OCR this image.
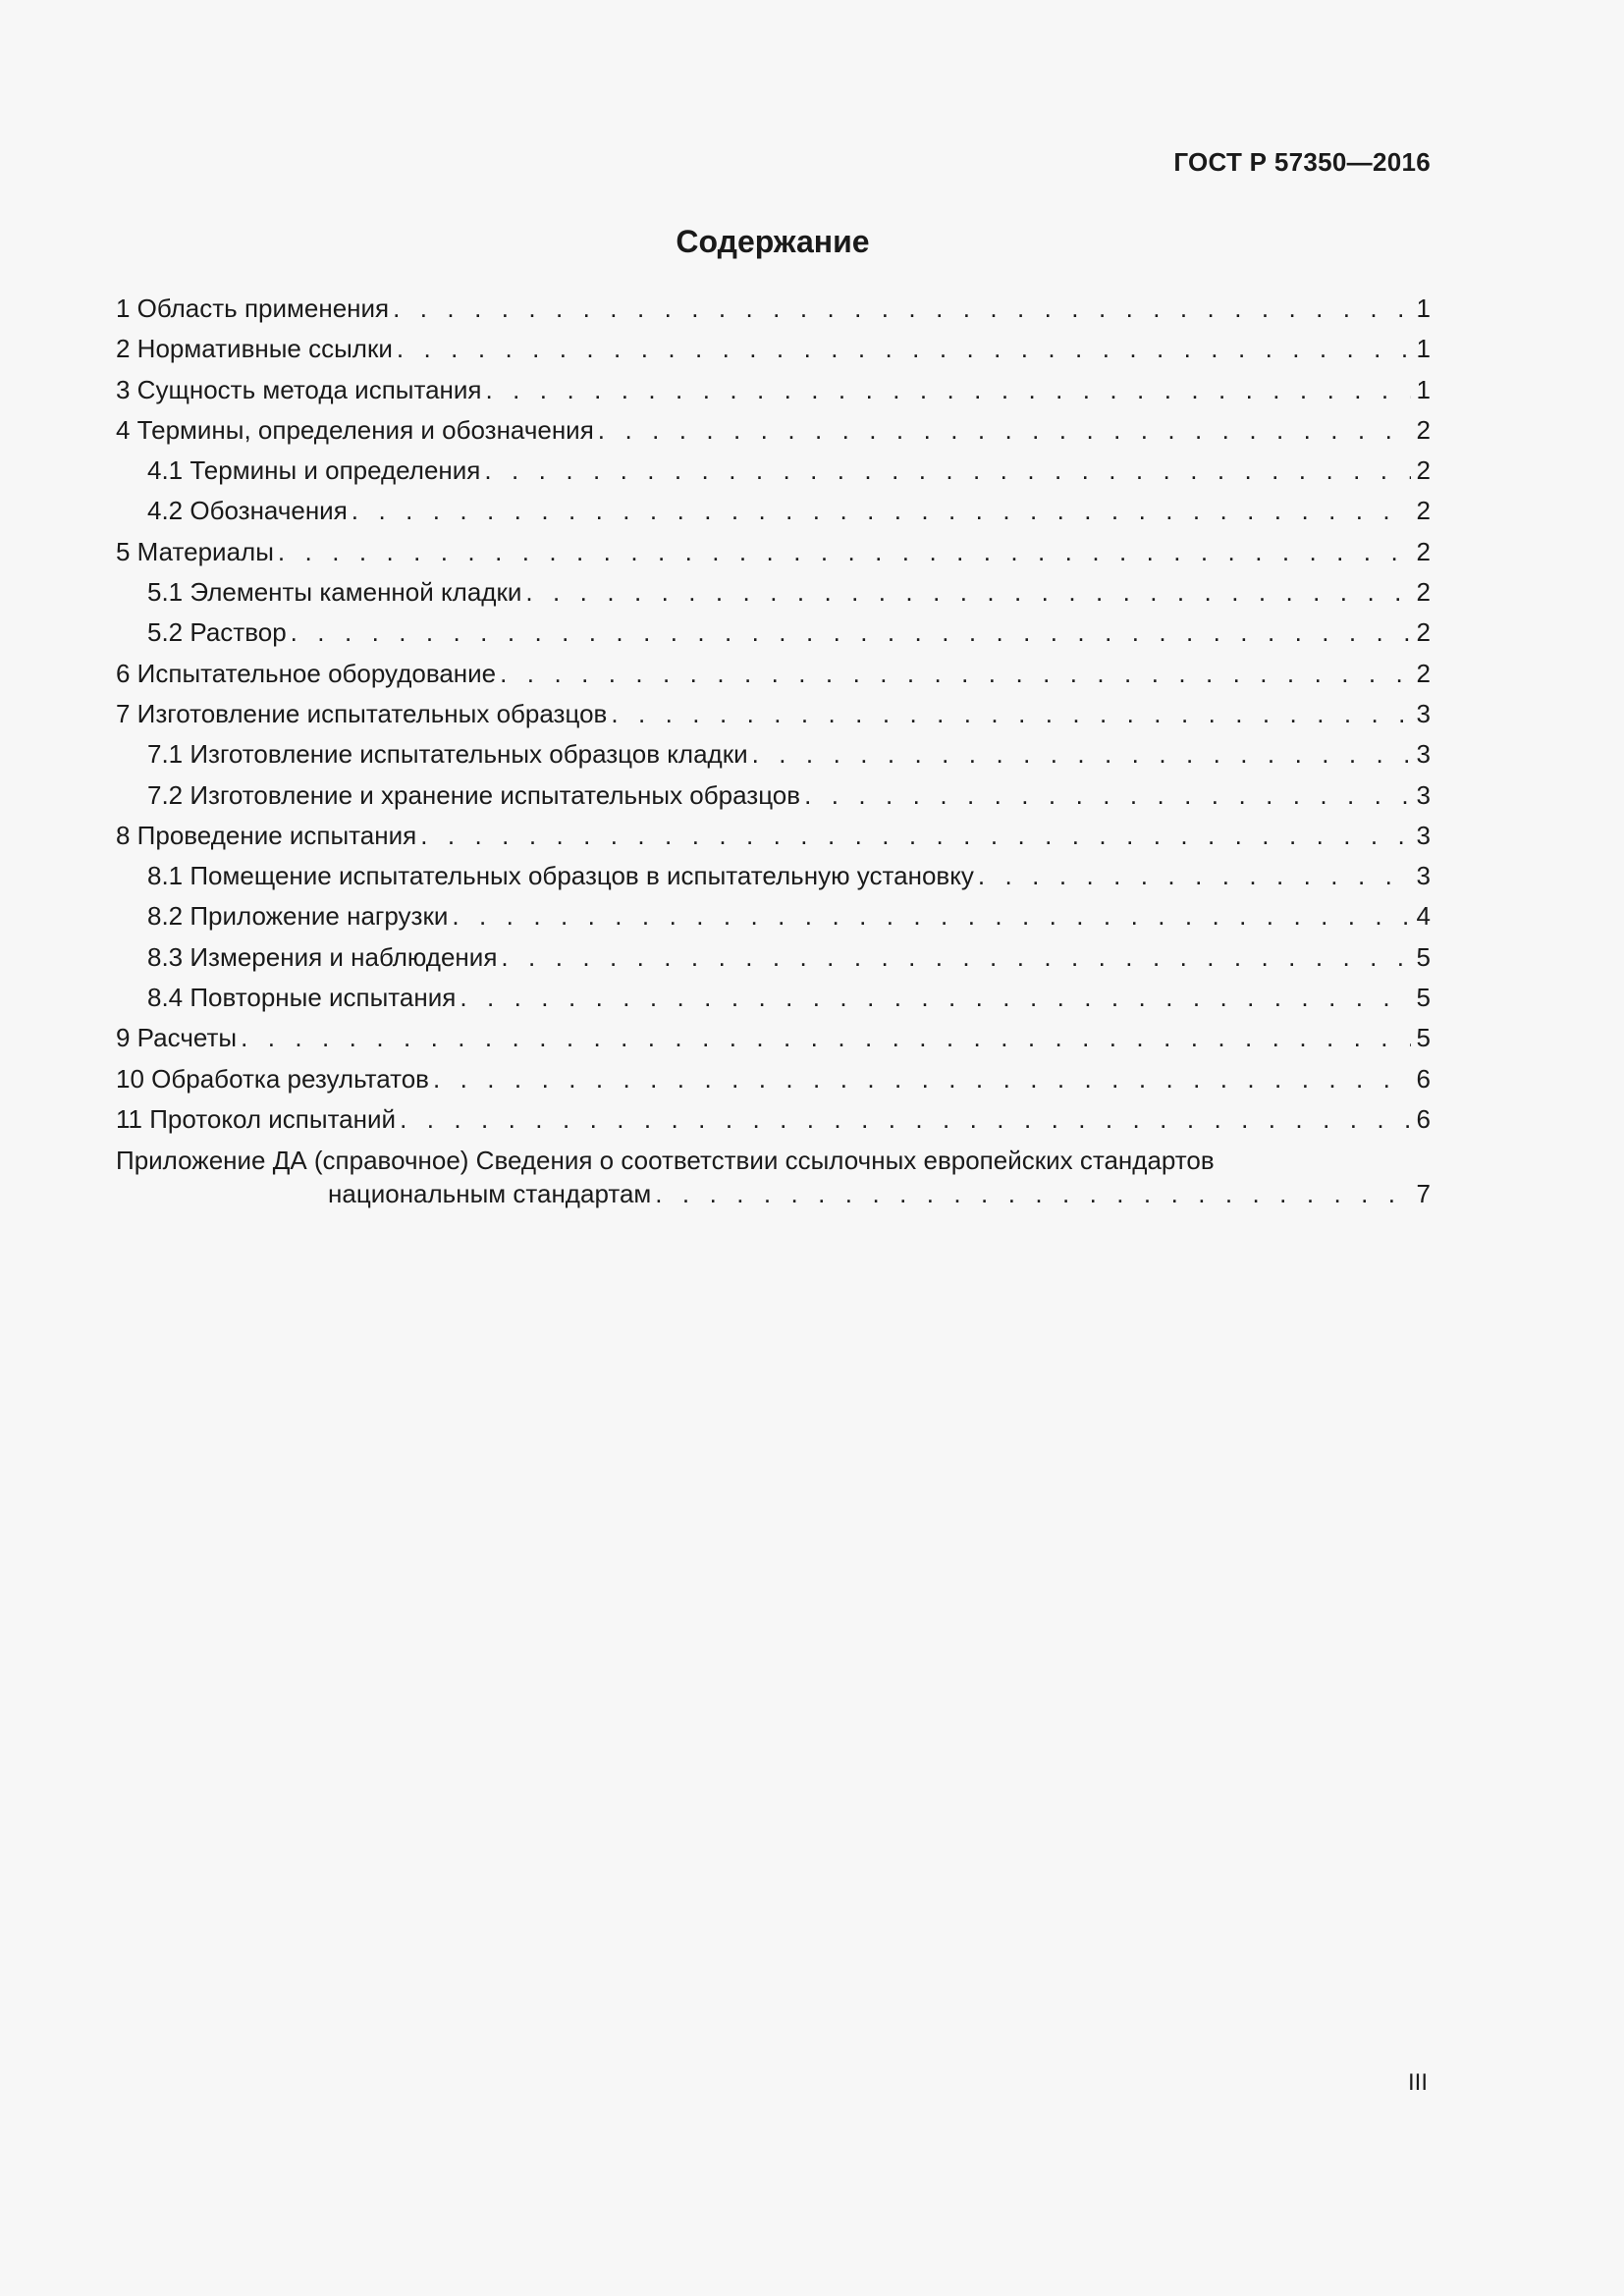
ГОСТ Р 57350—2016
Содержание
1 Область применения . . .	1
2 Нормативные ссылки . . .	1
3 Сущность метода испытания . . .	1
4 Термины, определения и обозначения . . .	2
4.1 Термины и определения . . .	2
4.2 Обозначения . . .	2
5 Материалы . . .	2
5.1 Элементы каменной кладки . . .	2
5.2 Раствор . . .	2
6 Испытательное оборудование . . .	2
7 Изготовление испытательных образцов . . .	3
7.1 Изготовление испытательных образцов кладки . . .	3
7.2 Изготовление и хранение испытательных образцов . . .	3
8 Проведение испытания . . .	3
8.1 Помещение испытательных образцов в испытательную установку . . .	3
8.2 Приложение нагрузки . . .	4
8.3 Измерения и наблюдения . . .	5
8.4 Повторные испытания . . .	5
9 Расчеты . . .	5
10 Обработка результатов . . .	6
11 Протокол испытаний . . .	6
Приложение ДА (справочное) Сведения о соответствии ссылочных европейских стандартов
национальным стандартам . . .	7
III
